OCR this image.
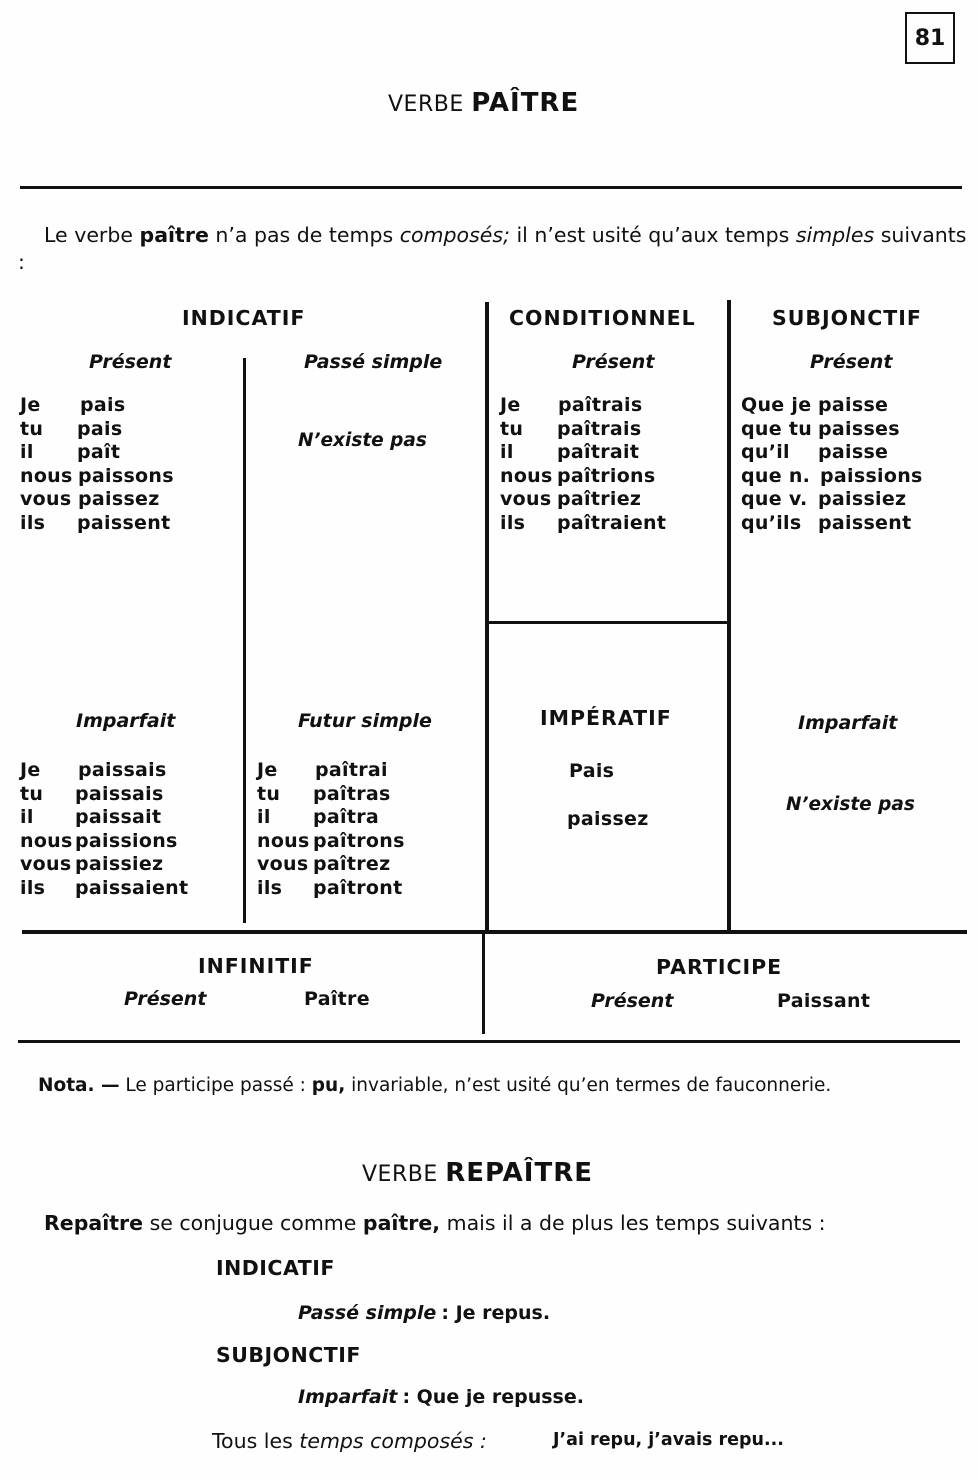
81
VERBE PAÎTRE
Le verbe paître n’a pas de temps composés; il n’est usité qu’aux temps simples suivants :
INDICATIF	CONDITIONNEL	SUBJONCTIF
Présent
Je	pais
tu	pais
il	paît
nous paissons
vous paissez
ils	paissent
Passé simple
N’existe pas
Présent
Je	paîtrais
tu	paîtrais
il	paîtrait
nous paîtrions
vous paîtriez
ils	paîtraient
Présent
Que je paisse
que tu paisses
qu’il	paisse
que n. paissions
que v. paissiez
qu’ils paissent
Imparfait
Je	paissais
tu	paissais
il	paissait
nous paissions
vous paissiez
ils	paissaient
Futur simple
Je	paîtrai
tu	paîtras
il	paîtra
nous paîtrons
vous paîtrez
ils	paîtront
IMPÉRATIF
Pais
paissez
Imparfait
N’existe pas
INFINITIF
Présent	Paître
PARTICIPE
Présent	Paissant
Nota. — Le participe passé : pu, invariable, n’est usité qu’en termes de fauconnerie.
VERBE REPAÎTRE
Repaître se conjugue comme paître, mais il a de plus les temps suivants :
INDICATIF
Passé simple : Je repus.
SUBJONCTIF
Imparfait : Que je repusse.
Tous les temps composés :	J’ai repu, j’avais repu...
